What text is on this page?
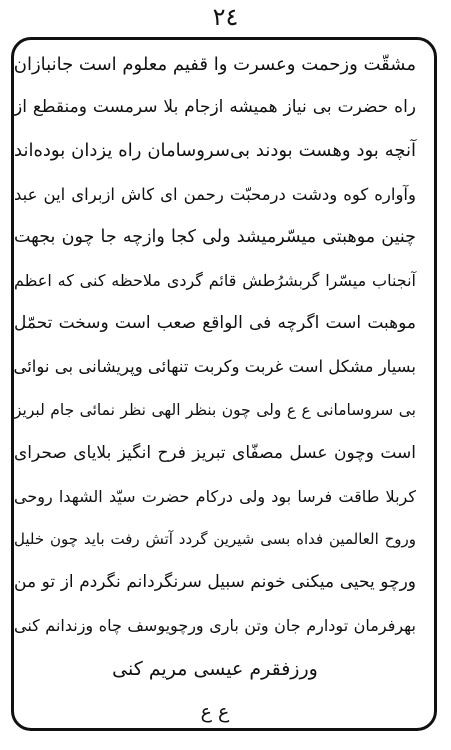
٢٤
مشقّت وزحمت وعسرت وا قفیم معلوم است جانبازان
راه حضرت بی نیاز همیشه ازجام بلا سرمست ومنقطع از
آنچه بود وهست بودند بی‌سروسامان راه یزدان بوده‌اند
وآواره کوه ودشت درمحبّت رحمن ای کاش ازبرای این عبد
چنین موهبتی میسّرمیشد ولی کجا وازچه جا چون بجهت
آنجناب میسّرا گربشرُطش قائم گردی ملاحظه کنی که اعظم
موهبت است اگرچه فی الواقع صعب است وسخت تحمّل
بسیار مشکل است غربت وکربت تنهائی وپریشانی بی نوائی
بی سروسامانی ع ع ولی چون بنظر الهی نظر نمائی جام لبریز
است وچون عسل مصفّای تبریز فرح انگیز بلایای صحرای
کربلا طاقت فرسا بود ولی درکام حضرت سیّد الشهدا روحی
وروح العالمین فداه بسی شیرین گردد آتش رفت باید چون خلیل
ورچو یحیی میکنی خونم سبیل سرنگردانم نگردم از تو من
بهرفرمان تودارم جان وتن باری ورچویوسف چاه وزندانم کنی
ورزفقرم عیسی مریم کنی
ع ع
